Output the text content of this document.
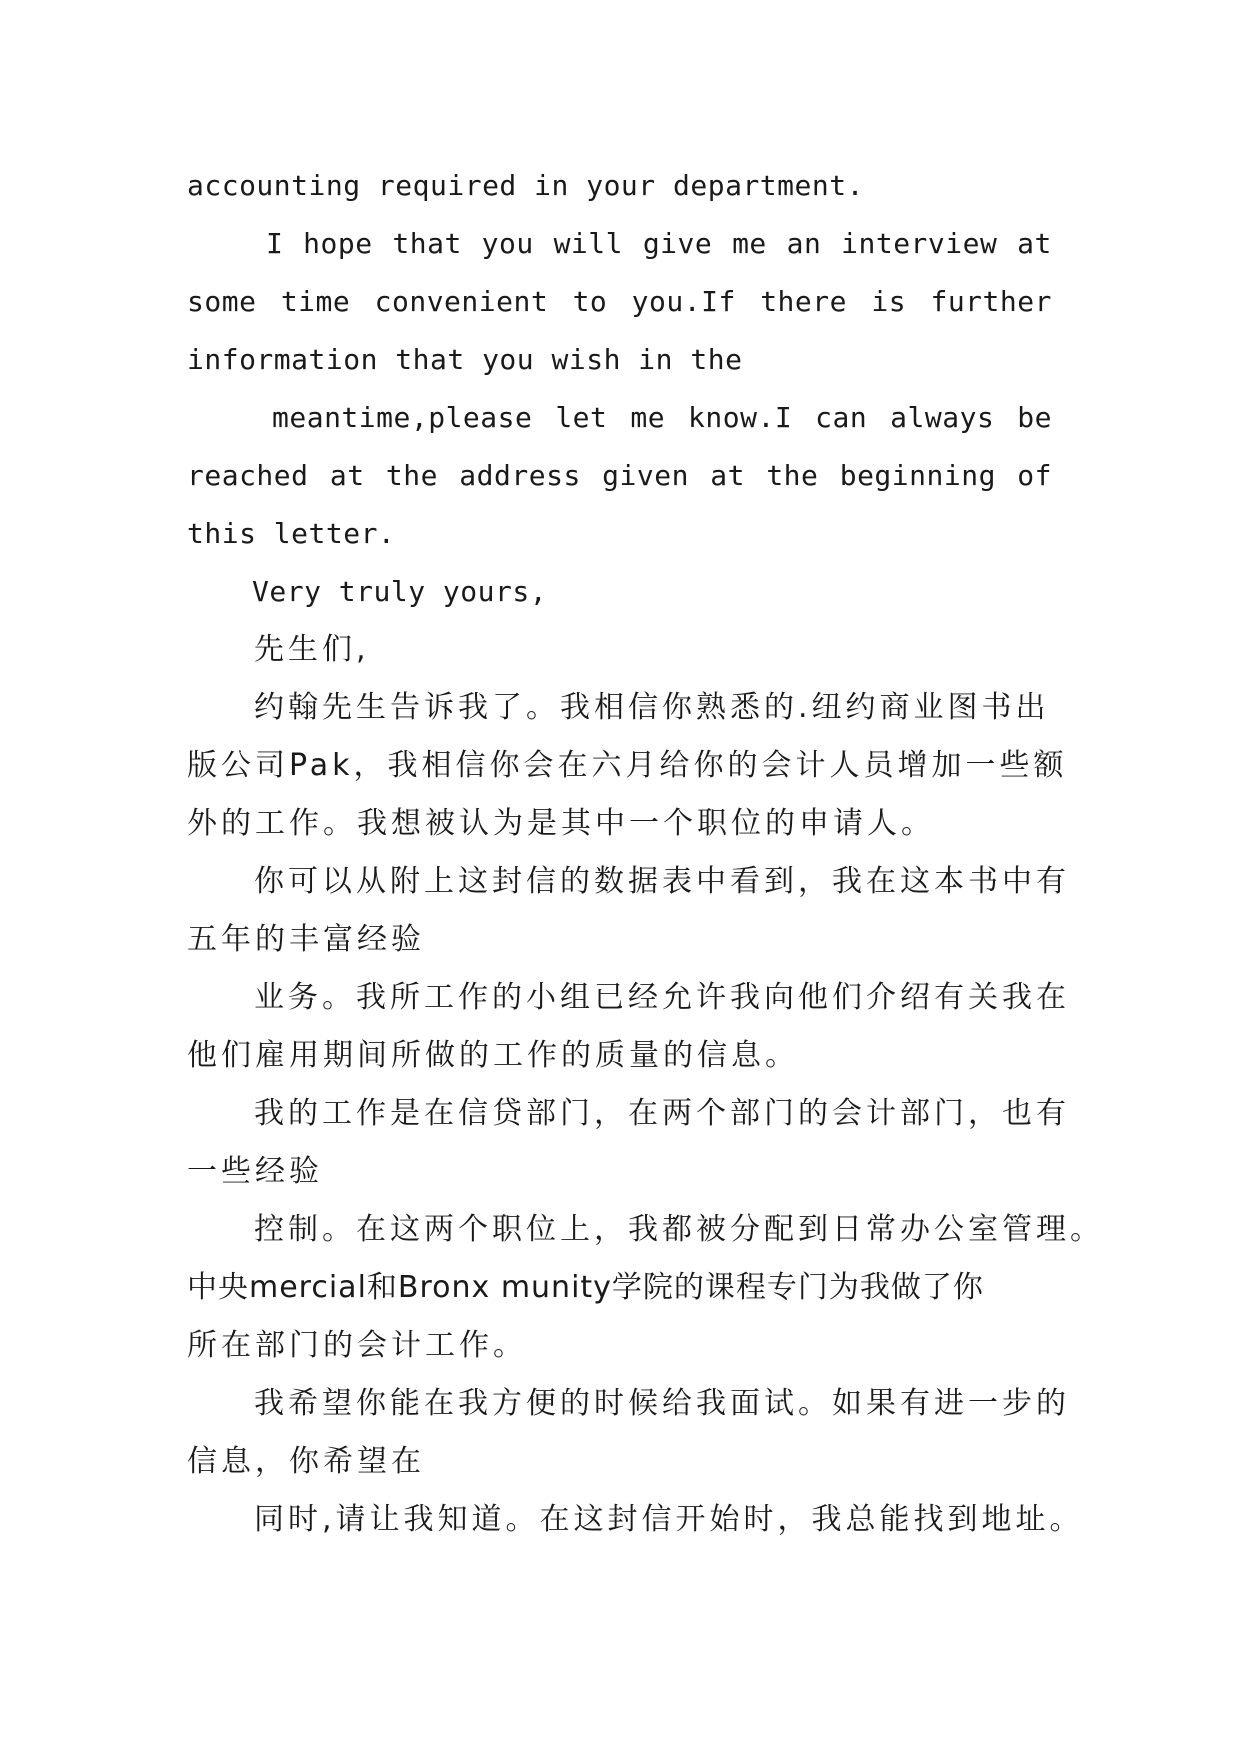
accounting required in your department.
I hope that you will give me an interview at
some time convenient to you.If there is further
information that you wish in the
meantime,please let me know.I can always be
reached at the address given at the beginning of
this letter.
Very truly yours,
先生们,
约翰先生告诉我了。我相信你熟悉的.纽约商业图书出
版公司Pak，我相信你会在六月给你的会计人员增加一些额
外的工作。我想被认为是其中一个职位的申请人。
你可以从附上这封信的数据表中看到，我在这本书中有
五年的丰富经验
业务。我所工作的小组已经允许我向他们介绍有关我在
他们雇用期间所做的工作的质量的信息。
我的工作是在信贷部门，在两个部门的会计部门，也有
一些经验
控制。在这两个职位上，我都被分配到日常办公室管理。
中央mercial和Bronx munity学院的课程专门为我做了你
所在部门的会计工作。
我希望你能在我方便的时候给我面试。如果有进一步的
信息，你希望在
同时,请让我知道。在这封信开始时，我总能找到地址。
